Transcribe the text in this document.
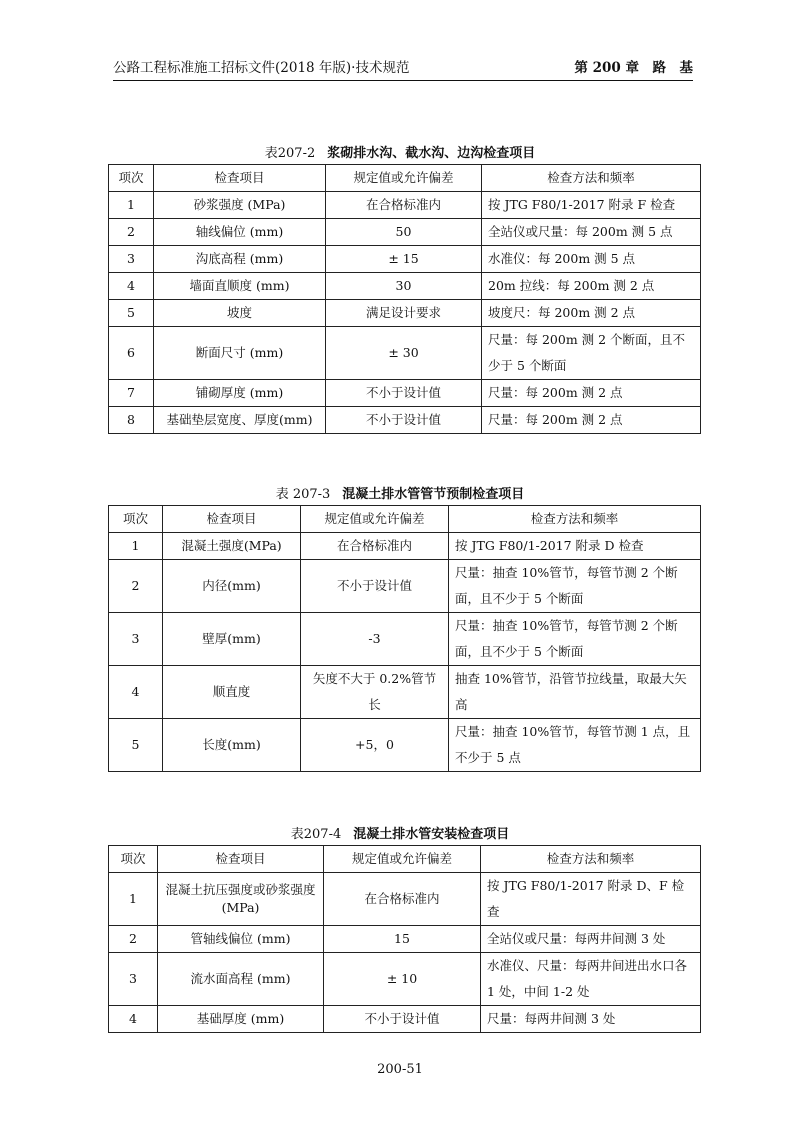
公路工程标准施工招标文件(2018 年版)·技术规范	第 200 章　路　基
表207-2 浆砌排水沟、截水沟、边沟检查项目
项次	检查项目	规定值或允许偏差	检查方法和频率
1	砂浆强度 (MPa)	在合格标准内	按 JTG F80/1-2017 附录 F 检查
2	轴线偏位 (mm)	50	全站仪或尺量：每 200m 测 5 点
3	沟底高程 (mm)	± 15	水准仪：每 200m 测 5 点
4	墙面直顺度 (mm)	30	20m 拉线：每 200m 测 2 点
5	坡度	满足设计要求	坡度尺：每 200m 测 2 点
6	断面尺寸 (mm)	± 30	尺量：每 200m 测 2 个断面，且不少于 5 个断面
7	铺砌厚度 (mm)	不小于设计值	尺量：每 200m 测 2 点
8	基础垫层宽度、厚度(mm)	不小于设计值	尺量：每 200m 测 2 点
表 207-3 混凝土排水管管节预制检查项目
项次	检查项目	规定值或允许偏差	检查方法和频率
1	混凝土强度(MPa)	在合格标准内	按 JTG F80/1-2017 附录 D 检查
2	内径(mm)	不小于设计值	尺量：抽查 10%管节，每管节测 2 个断面，且不少于 5 个断面
3	壁厚(mm)	-3	尺量：抽查 10%管节，每管节测 2 个断面，且不少于 5 个断面
4	顺直度	矢度不大于 0.2%管节长	抽查 10%管节，沿管节拉线量，取最大矢高
5	长度(mm)	+5，0	尺量：抽查 10%管节，每管节测 1 点，且不少于 5 点
表207-4 混凝土排水管安装检查项目
项次	检查项目	规定值或允许偏差	检查方法和频率
1	混凝土抗压强度或砂浆强度 (MPa)	在合格标准内	按 JTG F80/1-2017 附录 D、F 检查
2	管轴线偏位 (mm)	15	全站仪或尺量：每两井间测 3 处
3	流水面高程 (mm)	± 10	水准仪、尺量：每两井间进出水口各 1 处，中间 1-2 处
4	基础厚度 (mm)	不小于设计值	尺量：每两井间测 3 处
200-51
